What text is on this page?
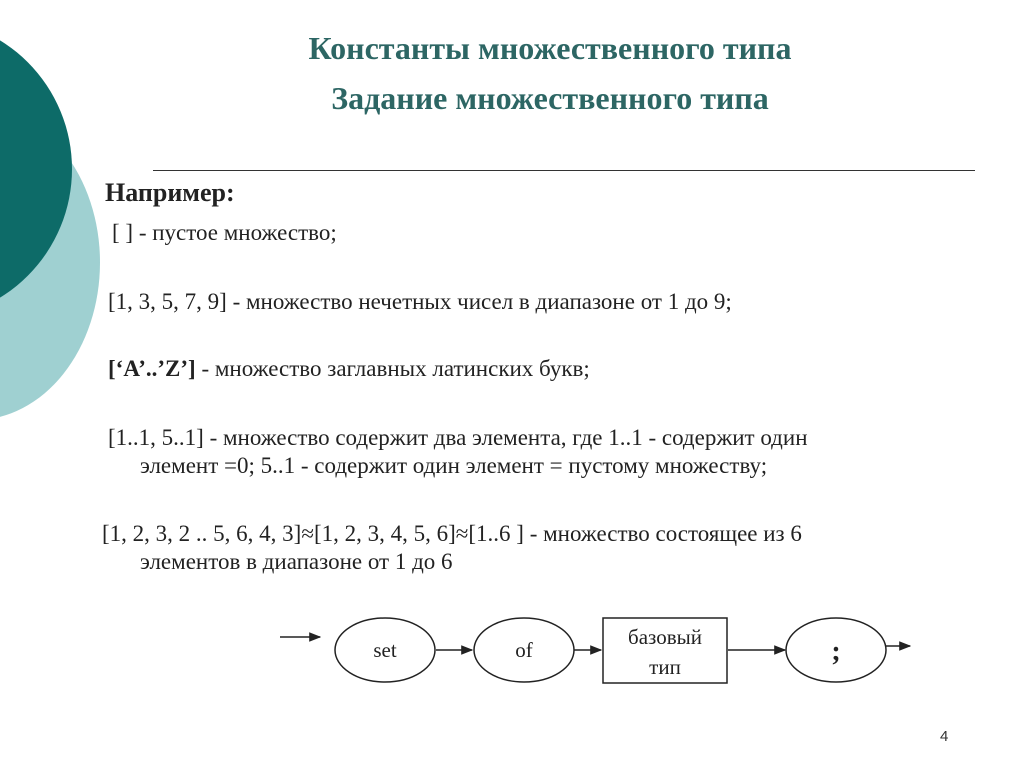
Константы множественного типа
Задание множественного типа
Например:
[ ] - пустое множество;
[1, 3, 5, 7, 9] - множество нечетных чисел в диапазоне от 1 до 9;
[‘A’..’Z’] - множество заглавных латинских букв;
[1..1, 5..1] - множество содержит два элемента, где 1..1 - содержит один
элемент =0; 5..1 - содержит один элемент = пустому множеству;
[1, 2, 3, 2 .. 5, 6, 4, 3]≈[1, 2, 3, 4, 5, 6]≈[1..6 ] - множество состоящее из 6
элементов в диапазоне от 1 до 6
set	of
базовый
тип	;
4
